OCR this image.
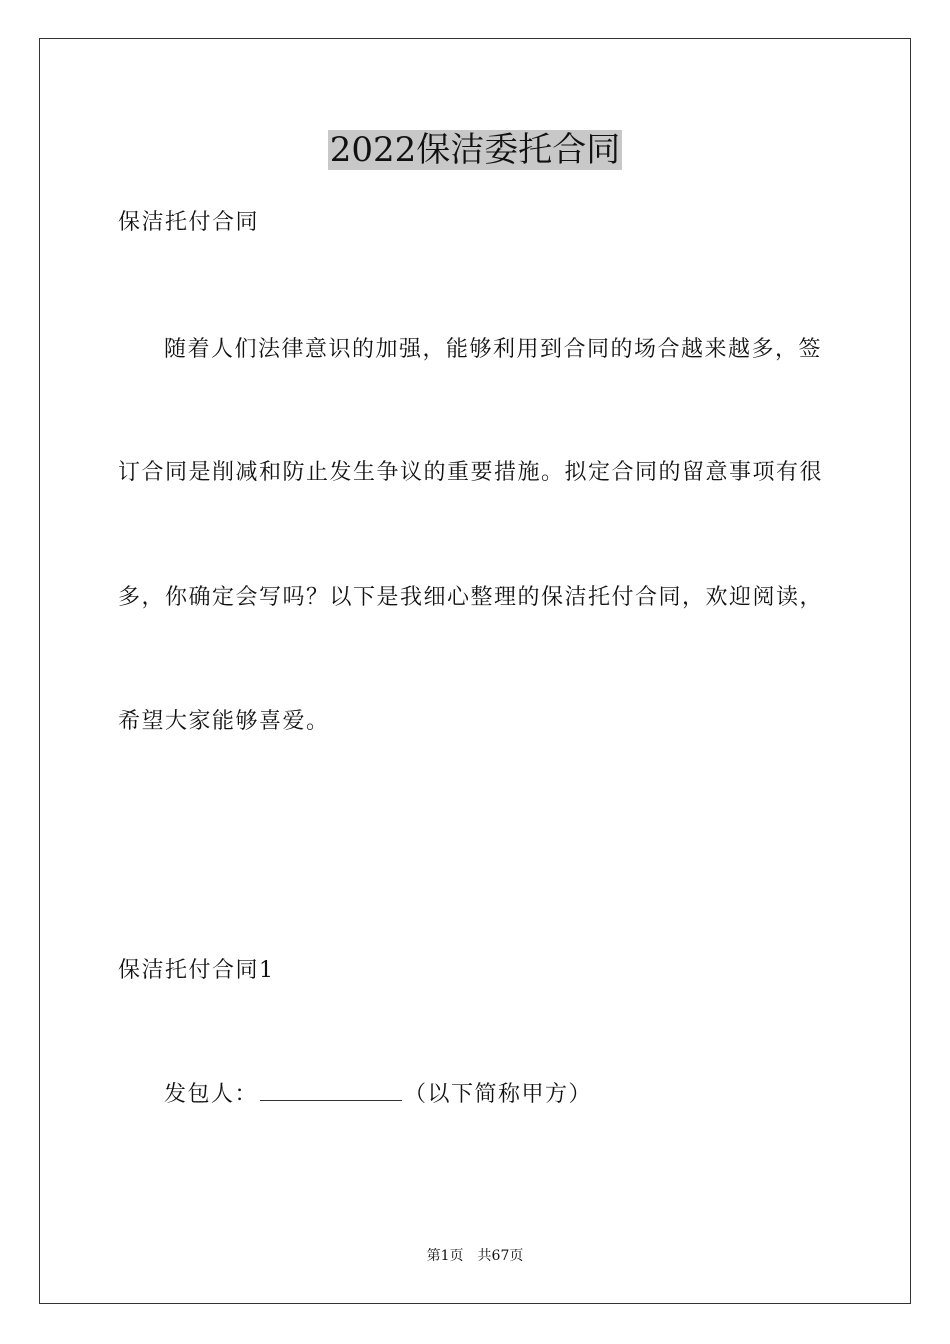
2022保洁委托合同
保洁托付合同
随着人们法律意识的加强，能够利用到合同的场合越来越多，签
订合同是削减和防止发生争议的重要措施。拟定合同的留意事项有很
多，你确定会写吗？以下是我细心整理的保洁托付合同，欢迎阅读，
希望大家能够喜爱。
保洁托付合同1
发包人：	（以下简称甲方）
第1页 共67页
